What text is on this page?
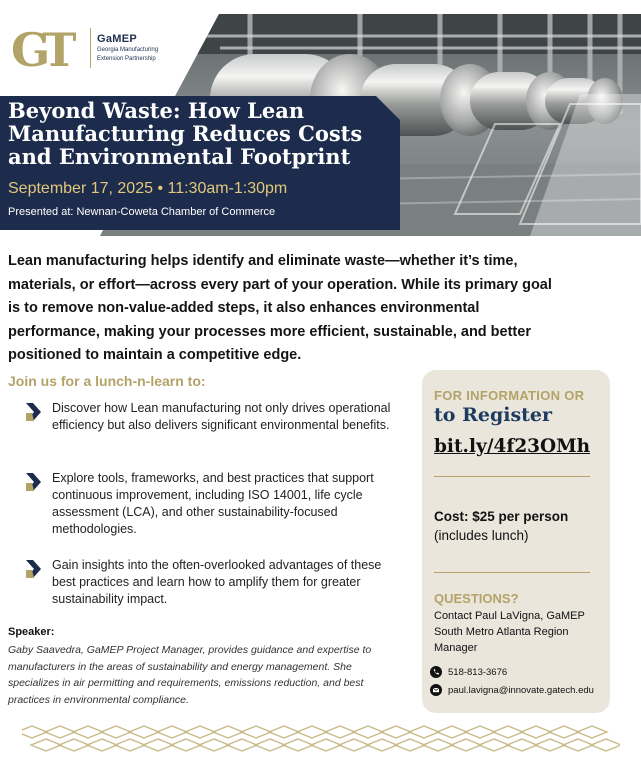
GT	GaMEP
Georgia Manufacturing
Extension Partnership
Beyond Waste: How Lean Manufacturing Reduces Costs and Environmental Footprint
September 17, 2025 • 11:30am-1:30pm
Presented at: Newnan-Coweta Chamber of Commerce
Lean manufacturing helps identify and eliminate waste—whether it’s time, materials, or effort—across every part of your operation. While its primary goal is to remove non-value-added steps, it also enhances environmental performance, making your processes more efficient, sustainable, and better positioned to maintain a competitive edge.
Join us for a lunch-n-learn to:
Discover how Lean manufacturing not only drives operational efficiency but also delivers significant environmental benefits.
Explore tools, frameworks, and best practices that support continuous improvement, including ISO 14001, life cycle assessment (LCA), and other sustainability-focused methodologies.
Gain insights into the often-overlooked advantages of these best practices and learn how to amplify them for greater sustainability impact.
Speaker:
Gaby Saavedra, GaMEP Project Manager, provides guidance and expertise to manufacturers in the areas of sustainability and energy management. She specializes in air permitting and requirements, emissions reduction, and best practices in environmental compliance.
FOR INFORMATION OR
to Register
bit.ly/4f23OMh
Cost: $25 per person
(includes lunch)
QUESTIONS?
Contact Paul LaVigna, GaMEP South Metro Atlanta Region Manager
518-813-3676
paul.lavigna@innovate.gatech.edu
